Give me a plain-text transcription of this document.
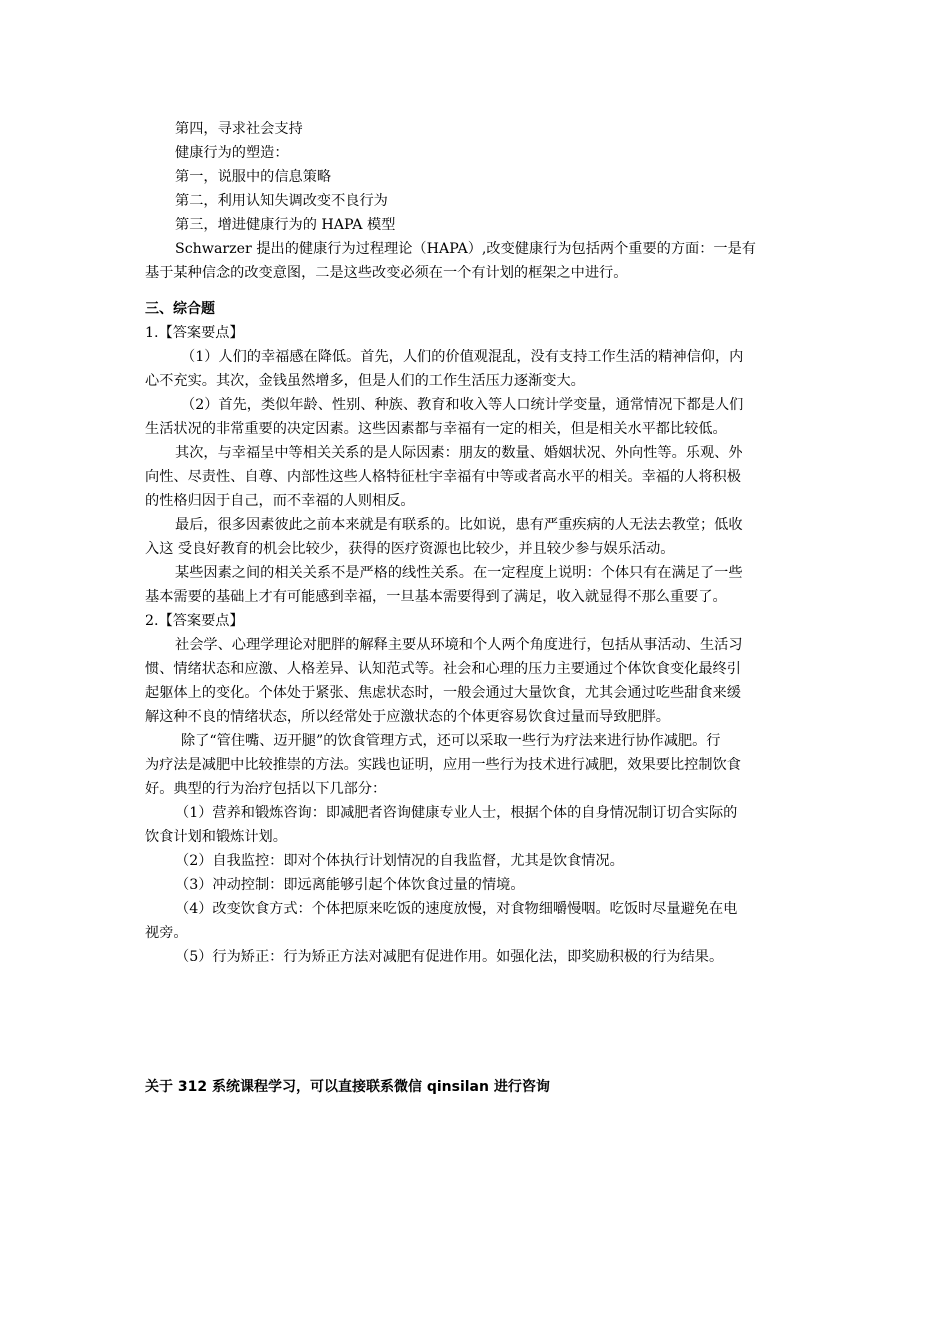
第四，寻求社会支持
健康行为的塑造：
第一，说服中的信息策略
第二，利用认知失调改变不良行为
第三，增进健康行为的 HAPA 模型
Schwarzer 提出的健康行为过程理论（HAPA）,改变健康行为包括两个重要的方面：一是有
基于某种信念的改变意图，二是这些改变必须在一个有计划的框架之中进行。
三、综合题
1.【答案要点】
（1）人们的幸福感在降低。首先，人们的价值观混乱，没有支持工作生活的精神信仰，内
心不充实。其次，金钱虽然增多，但是人们的工作生活压力逐渐变大。
（2）首先，类似年龄、性别、种族、教育和收入等人口统计学变量，通常情况下都是人们
生活状况的非常重要的决定因素。这些因素都与幸福有一定的相关，但是相关水平都比较低。
其次，与幸福呈中等相关关系的是人际因素：朋友的数量、婚姻状况、外向性等。乐观、外
向性、尽责性、自尊、内部性这些人格特征杜宇幸福有中等或者高水平的相关。幸福的人将积极
的性格归因于自己，而不幸福的人则相反。
最后，很多因素彼此之前本来就是有联系的。比如说，患有严重疾病的人无法去教堂；低收
入这 受良好教育的机会比较少，获得的医疗资源也比较少，并且较少参与娱乐活动。
某些因素之间的相关关系不是严格的线性关系。在一定程度上说明：个体只有在满足了一些
基本需要的基础上才有可能感到幸福，一旦基本需要得到了满足，收入就显得不那么重要了。
2.【答案要点】
社会学、心理学理论对肥胖的解释主要从环境和个人两个角度进行，包括从事活动、生活习
惯、情绪状态和应激、人格差异、认知范式等。社会和心理的压力主要通过个体饮食变化最终引
起躯体上的变化。个体处于紧张、焦虑状态时，一般会通过大量饮食，尤其会通过吃些甜食来缓
解这种不良的情绪状态，所以经常处于应激状态的个体更容易饮食过量而导致肥胖。
除了“管住嘴、迈开腿”的饮食管理方式，还可以采取一些行为疗法来进行协作减肥。行
为疗法是减肥中比较推崇的方法。实践也证明，应用一些行为技术进行减肥，效果要比控制饮食
好。典型的行为治疗包括以下几部分：
（1）营养和锻炼咨询：即减肥者咨询健康专业人士，根据个体的自身情况制订切合实际的
饮食计划和锻炼计划。
（2）自我监控：即对个体执行计划情况的自我监督，尤其是饮食情况。
（3）冲动控制：即远离能够引起个体饮食过量的情境。
（4）改变饮食方式：个体把原来吃饭的速度放慢，对食物细嚼慢咽。吃饭时尽量避免在电
视旁。
（5）行为矫正：行为矫正方法对减肥有促进作用。如强化法，即奖励积极的行为结果。
关于 312 系统课程学习，可以直接联系微信 qinsilan 进行咨询
